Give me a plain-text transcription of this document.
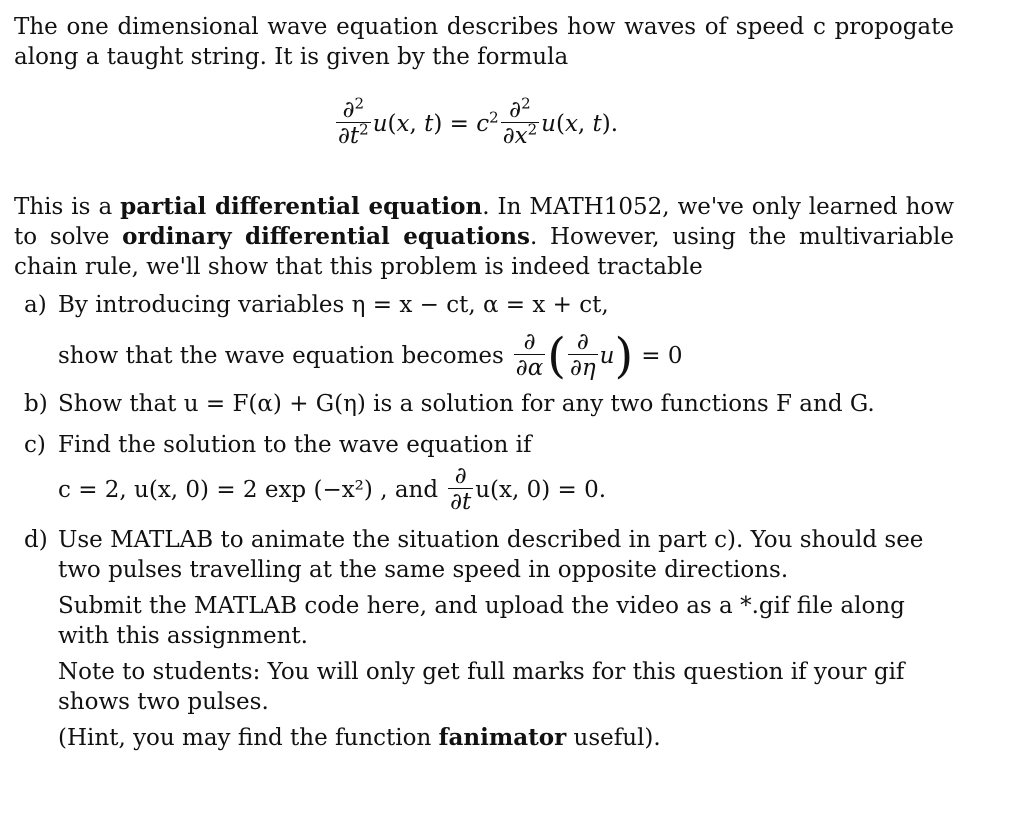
The one dimensional wave equation describes how waves of speed c propogate along a taught string. It is given by the formula

$\frac{\partial^2}{\partial t^2} u(x$, $t) = c^2 \frac{\partial^2}{\partial x^2} u(x$, t).

This is a partial differential equation. In MATH1052, we've only learned how to solve ordinary differential equations. However, using the multivariable chain rule, we'll show that this problem is indeed tractable

a) By introducing variables η = x − ct, α = x + ct,

show that the wave equation becomes $\frac{\partial}{\partial\alpha}$ ( $\frac{\partial}{\partial\eta}$ u ) = 0
b) Show that u = F(α) + G(η) is a solution for any two functions F and G.

c) Find the solution to the wave equation if

c = 2, u(x, 0) = 2 exp (−x²) , and $\frac{\partial}{\partial t} u(x$, 0) = 0.
d) Use MATLAB to animate the situation described in part c). You should see two pulses travelling at the same speed in opposite directions.

Submit the MATLAB code here, and upload the video as a *.gif file along with this assignment.

Note to students: You will only get full marks for this question if your gif shows two pulses.

(Hint, you may find the function fanimator useful).
